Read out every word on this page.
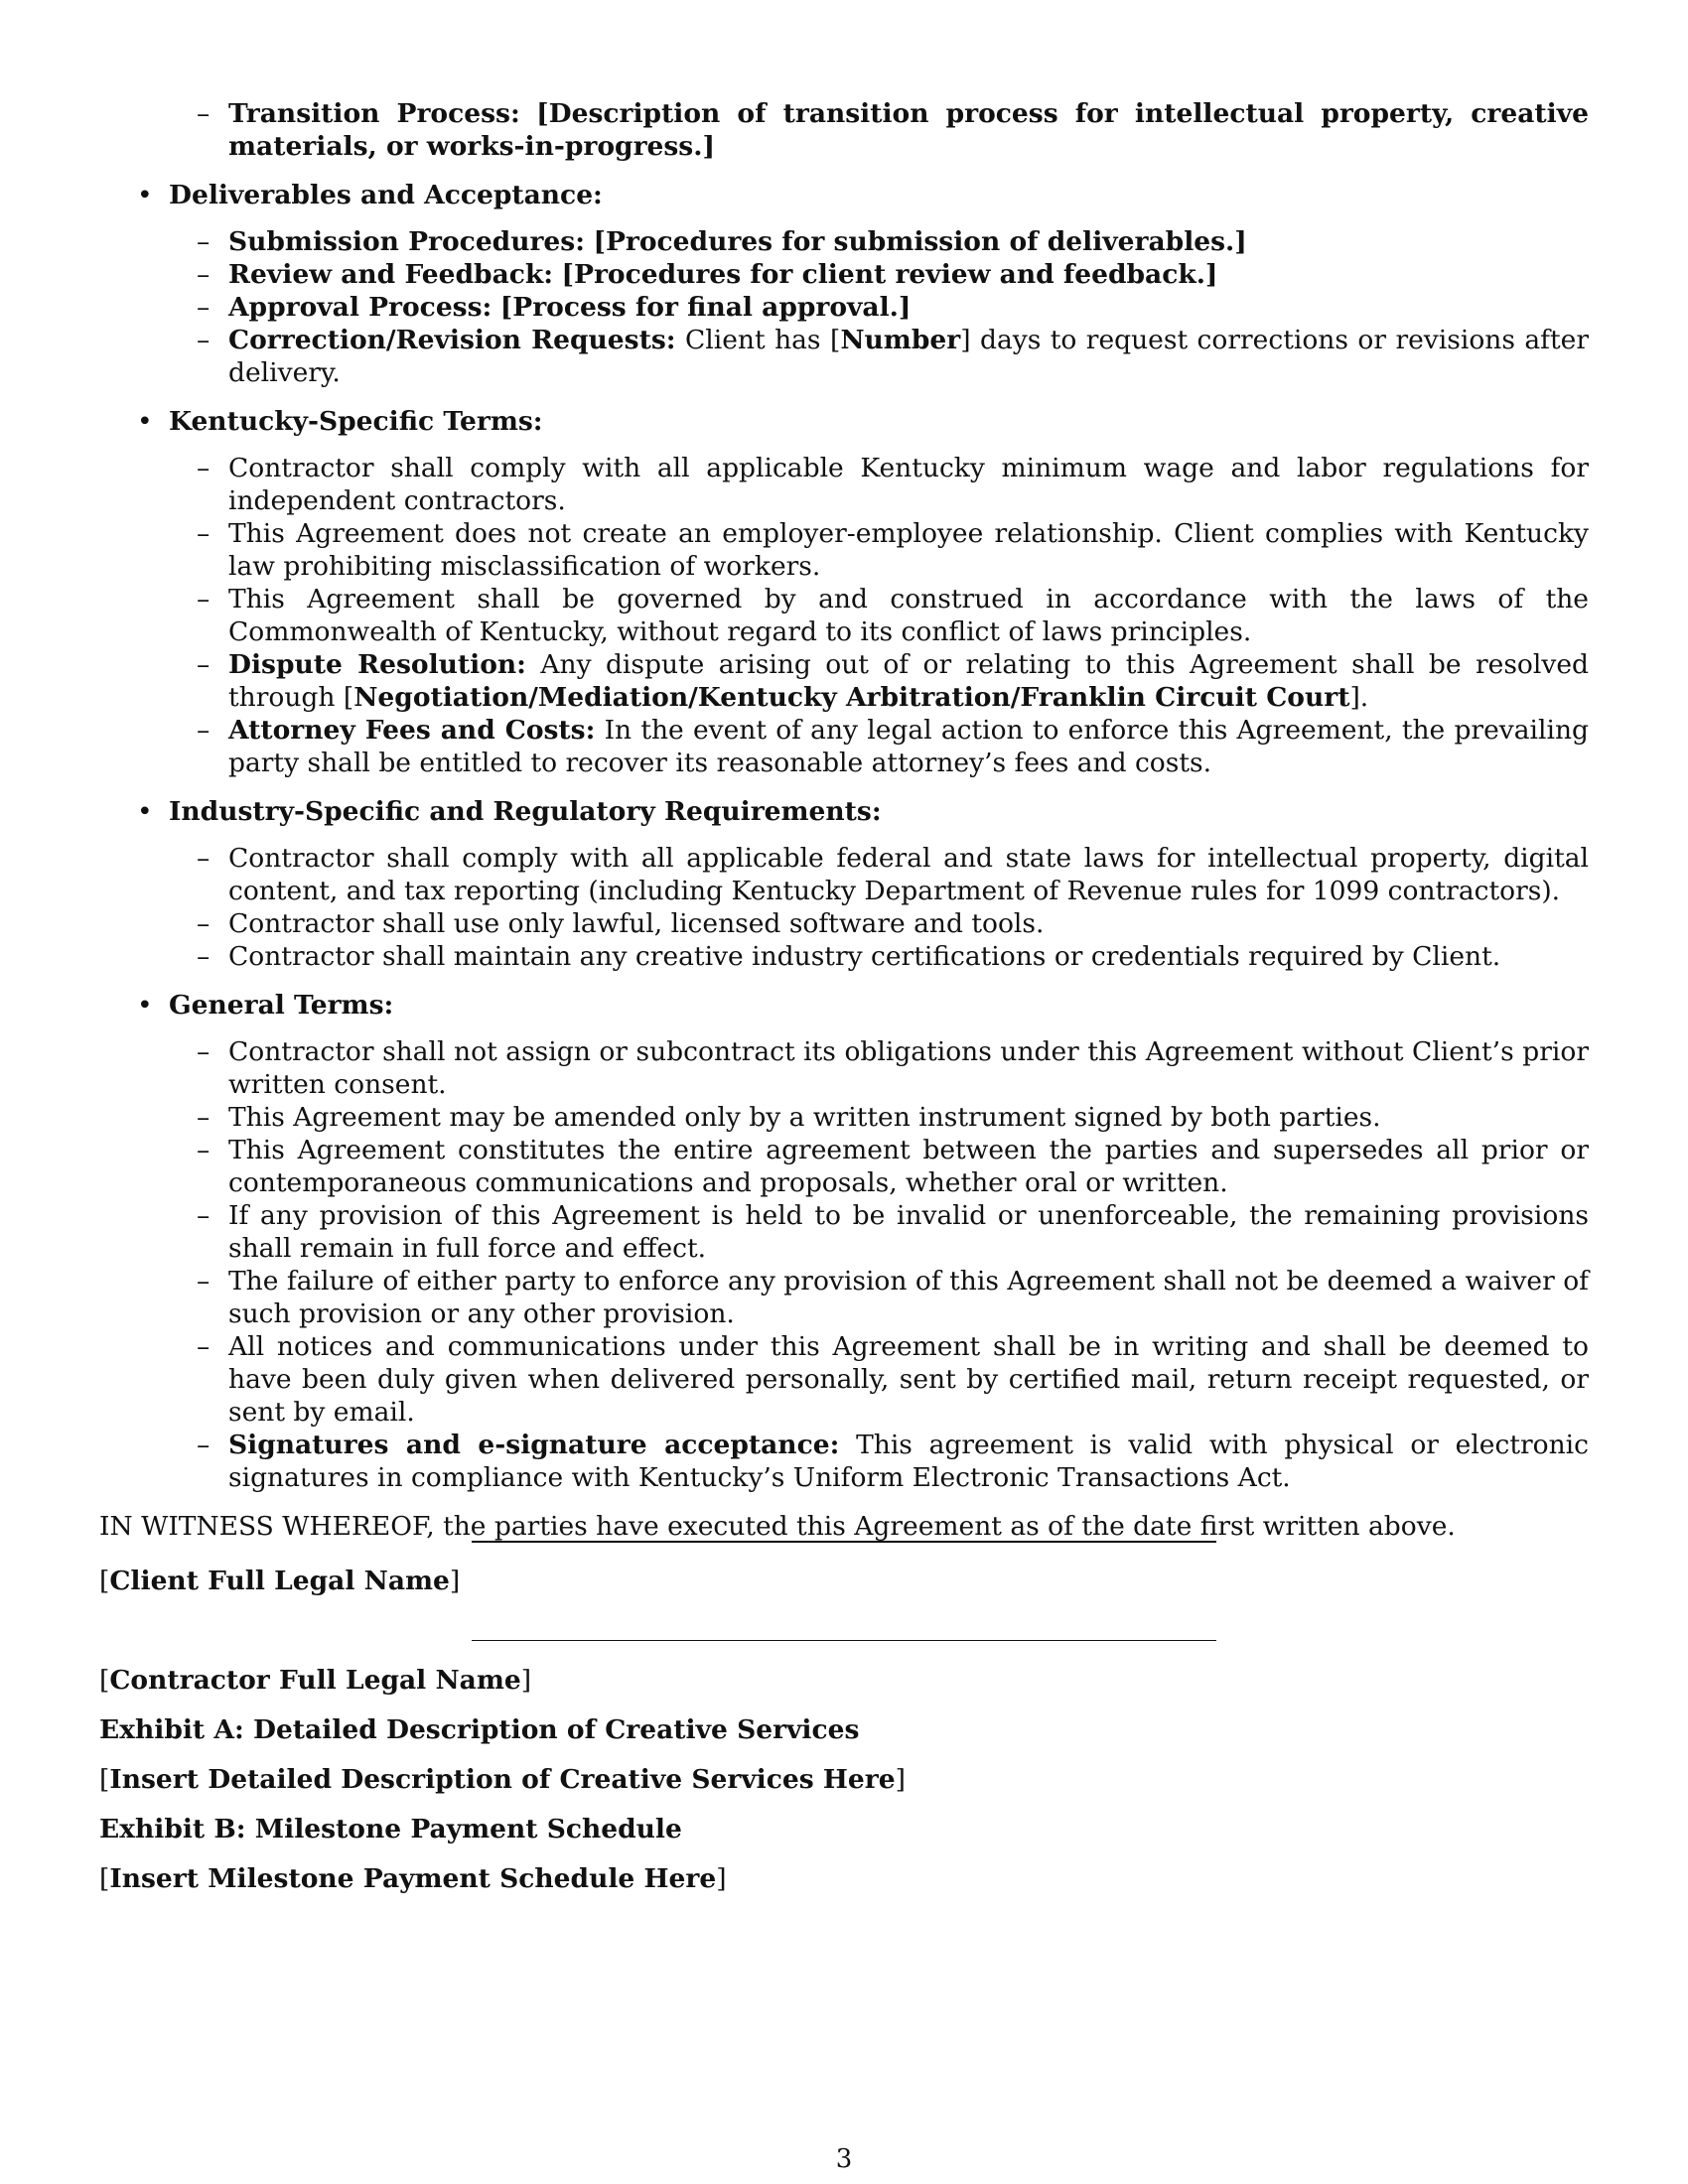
– Transition Process: [Description of transition process for intellectual property, creative materials, or works-in-progress.]
• Deliverables and Acceptance:
– Submission Procedures: [Procedures for submission of deliverables.]
– Review and Feedback: [Procedures for client review and feedback.]
– Approval Process: [Process for final approval.]
– Correction/Revision Requests: Client has [Number] days to request corrections or revisions after delivery.
• Kentucky-Specific Terms:
– Contractor shall comply with all applicable Kentucky minimum wage and labor regulations for independent contractors.
– This Agreement does not create an employer-employee relationship. Client complies with Kentucky law prohibiting misclassification of workers.
– This Agreement shall be governed by and construed in accordance with the laws of the Commonwealth of Kentucky, without regard to its conflict of laws principles.
– Dispute Resolution: Any dispute arising out of or relating to this Agreement shall be resolved through [Negotiation/Mediation/Kentucky Arbitration/Franklin Circuit Court].
– Attorney Fees and Costs: In the event of any legal action to enforce this Agreement, the prevailing party shall be entitled to recover its reasonable attorney’s fees and costs.
• Industry-Specific and Regulatory Requirements:
– Contractor shall comply with all applicable federal and state laws for intellectual property, digital content, and tax reporting (including Kentucky Department of Revenue rules for 1099 contractors).
– Contractor shall use only lawful, licensed software and tools.
– Contractor shall maintain any creative industry certifications or credentials required by Client.
• General Terms:
– Contractor shall not assign or subcontract its obligations under this Agreement without Client’s prior written consent.
– This Agreement may be amended only by a written instrument signed by both parties.
– This Agreement constitutes the entire agreement between the parties and supersedes all prior or contemporaneous communications and proposals, whether oral or written.
– If any provision of this Agreement is held to be invalid or unenforceable, the remaining provisions shall remain in full force and effect.
– The failure of either party to enforce any provision of this Agreement shall not be deemed a waiver of such provision or any other provision.
– All notices and communications under this Agreement shall be in writing and shall be deemed to have been duly given when delivered personally, sent by certified mail, return receipt requested, or sent by email.
– Signatures and e-signature acceptance: This agreement is valid with physical or electronic signatures in compliance with Kentucky’s Uniform Electronic Transactions Act.
IN WITNESS WHEREOF, the parties have executed this Agreement as of the date first written above.
[Client Full Legal Name]
[Contractor Full Legal Name]
Exhibit A: Detailed Description of Creative Services
[Insert Detailed Description of Creative Services Here]
Exhibit B: Milestone Payment Schedule
[Insert Milestone Payment Schedule Here]
3
